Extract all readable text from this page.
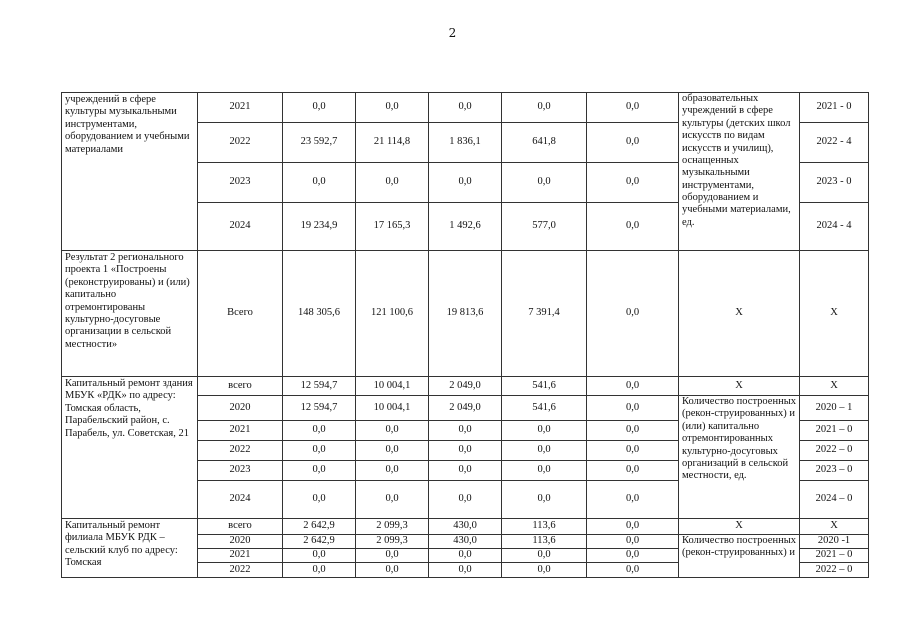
2
учреждений в сфере культуры музыкальными инструментами, оборудованием и учебными материалами	2021	0,0	0,0	0,0	0,0	0,0	образовательных учреждений в сфере культуры (детских школ искусств по видам искусств и училищ), оснащенных музыкальными инструментами, оборудованием и учебными материалами, ед.	2021 - 0
	2022	23 592,7	21 114,8	1 836,1	641,8	0,0		2022 - 4
	2023	0,0	0,0	0,0	0,0	0,0		2023 - 0
	2024	19 234,9	17 165,3	1 492,6	577,0	0,0		2024 - 4

Результат 2 регионального проекта 1 «Построены (реконструированы) и (или) капитально отремонтированы культурно-досуговые организации в сельской местности»	Всего	148 305,6	121 100,6	19 813,6	7 391,4	0,0	X	X

Капитальный ремонт здания МБУК «РДК» по адресу: Томская область, Парабельский район, с. Парабель, ул. Советская, 21	всего	12 594,7	10 004,1	2 049,0	541,6	0,0	X	X
	2020	12 594,7	10 004,1	2 049,0	541,6	0,0	Количество построенных (рекон-струированных) и (или) капитально отремонтированных культурно-досуговых организаций в сельской местности, ед.	2020 – 1
	2021	0,0	0,0	0,0	0,0	0,0		2021 – 0
	2022	0,0	0,0	0,0	0,0	0,0		2022 – 0
	2023	0,0	0,0	0,0	0,0	0,0		2023 – 0
	2024	0,0	0,0	0,0	0,0	0,0		2024 – 0

Капитальный ремонт филиала МБУК РДК – сельский клуб по адресу: Томская	всего	2 642,9	2 099,3	430,0	113,6	0,0	X	X
	2020	2 642,9	2 099,3	430,0	113,6	0,0	Количество построенных (рекон-струированных) и	2020 -1
	2021	0,0	0,0	0,0	0,0	0,0		2021 – 0
	2022	0,0	0,0	0,0	0,0	0,0		2022 – 0
